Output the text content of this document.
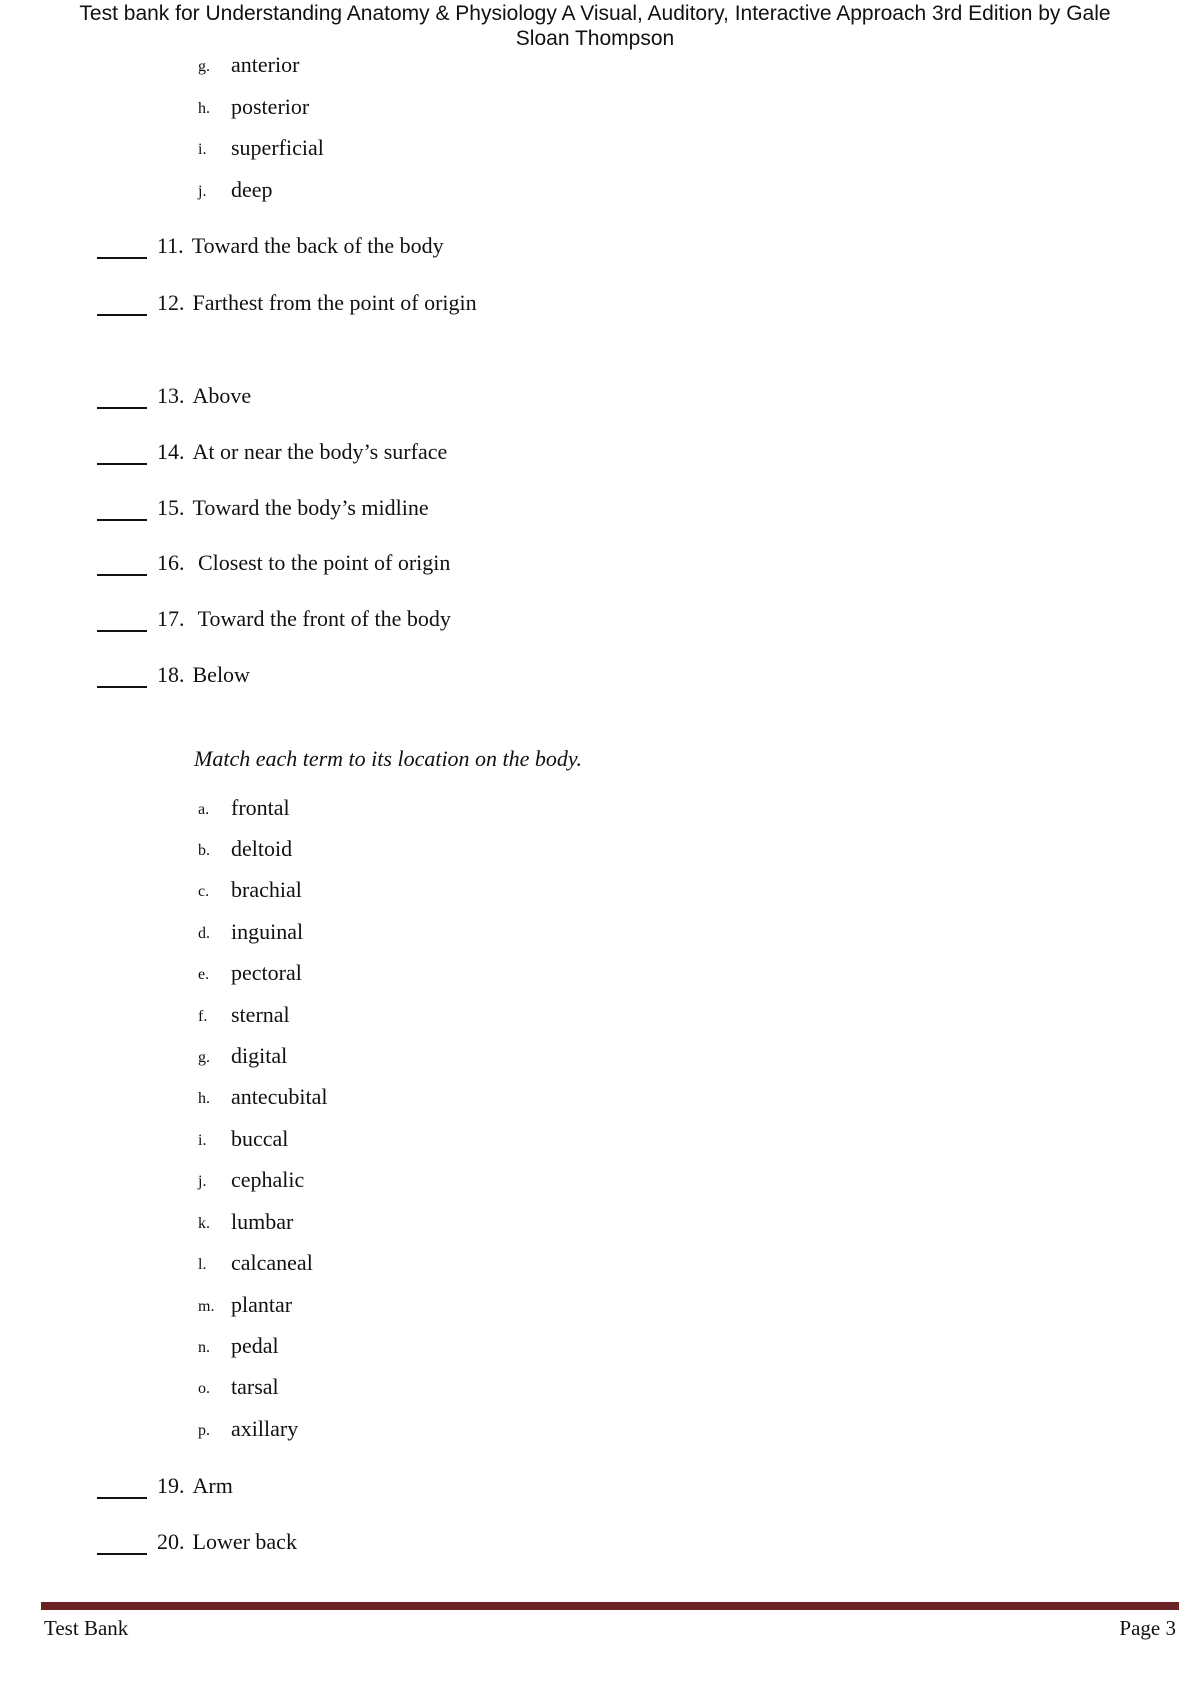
Test bank for Understanding Anatomy & Physiology A Visual, Auditory, Interactive Approach 3rd Edition by Gale
Sloan Thompson
g. anterior
h. posterior
i.	superficial
j.	deep
11. Toward the back of the body
12. Farthest from the point of origin
13. Above
14. At or near the body’s surface
15. Toward the body’s midline
16. Closest to the point of origin
17. Toward the front of the body
18. Below
Match each term to its location on the body.
a. frontal
b. deltoid
c. brachial
d. inguinal
e. pectoral
f.	sternal
g. digital
h. antecubital
i.	buccal
j.	cephalic
k. lumbar
l.	calcaneal
m. plantar
n. pedal
o. tarsal
p. axillary
19. Arm
20. Lower back
Test Bank	Page 3
